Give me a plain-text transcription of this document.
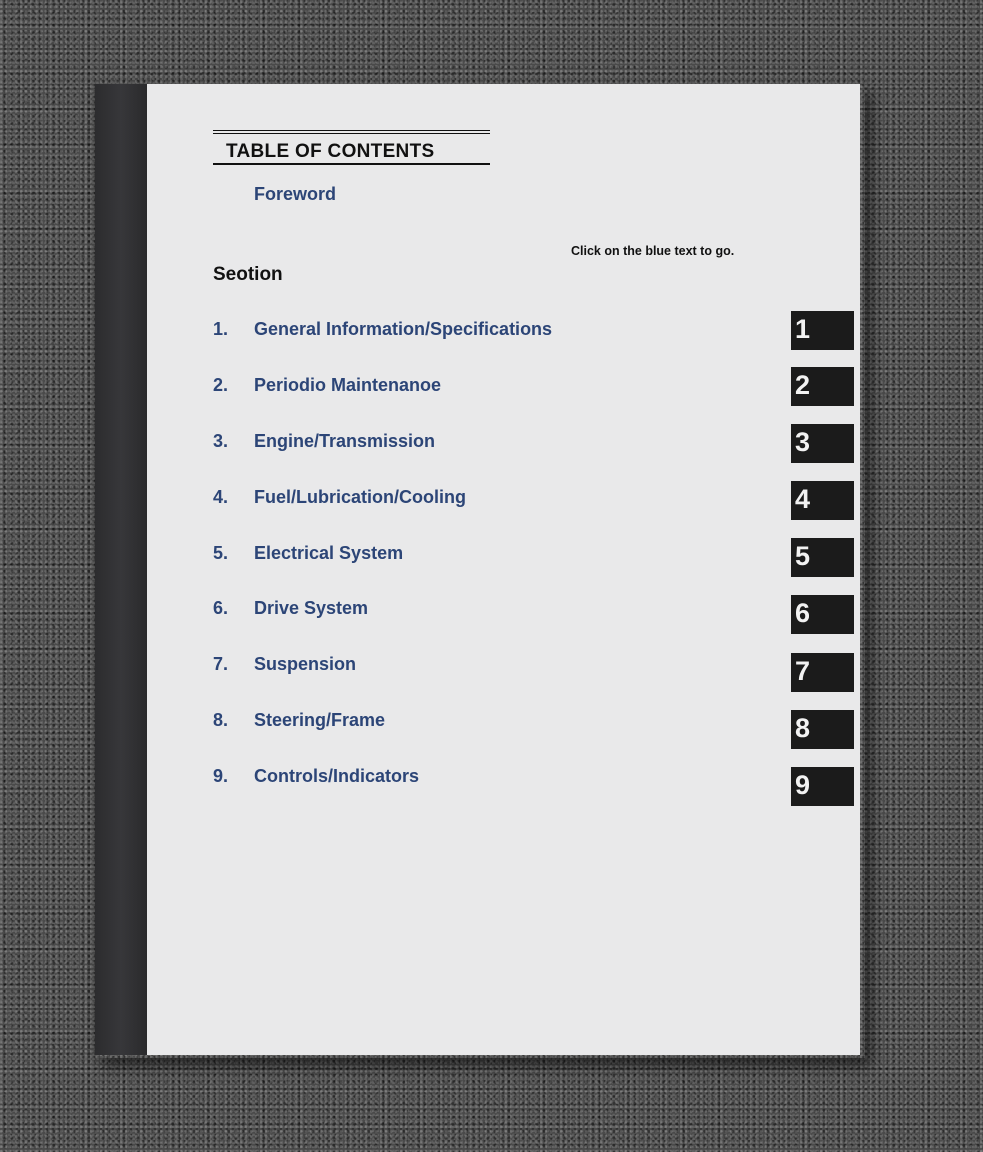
TABLE OF CONTENTS
Foreword
Click on the blue text to go.
Seotion
1.	General Information/Specifications	1
2.	Periodio Maintenanoe	2
3.	Engine/Transmission	3
4.	Fuel/Lubrication/Cooling	4
5.	Electrical System	5
6.	Drive System	6
7.	Suspension	7
8.	Steering/Frame	8
9.	Controls/Indicators	9
